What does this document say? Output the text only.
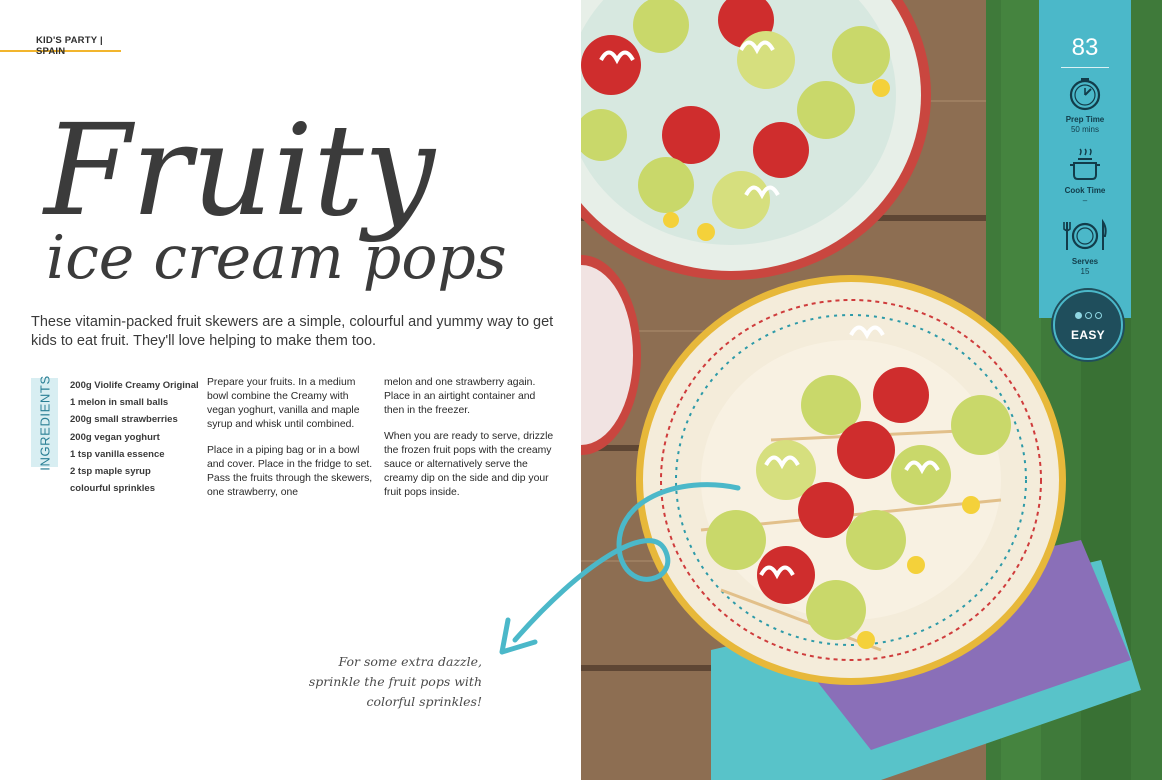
KID'S PARTY | SPAIN
Fruity
ice cream pops

These vitamin-packed fruit skewers are a simple, colourful and yummy way to get kids to eat fruit. They'll love helping to make them too.

INGREDIENTS 200g Violife Creamy Original
1 melon in small balls
200g small strawberries
200g vegan yoghurt
1 tsp vanilla essence
2 tsp maple syrup
colourful sprinkles

Prepare your fruits. In a medium bowl combine the Creamy with vegan yoghurt, vanilla and maple syrup and whisk until combined.

Place in a piping bag or in a bowl and cover. Place in the fridge to set. Pass the fruits through the skewers, one strawberry, one

melon and one strawberry again. Place in an airtight container and then in the freezer.

When you are ready to serve, drizzle the frozen fruit pops with the creamy sauce or alternatively serve the creamy dip on the side and dip your fruit pops inside.

For some extra dazzle,
sprinkle the fruit pops with
colorful sprinkles!
83
Prep Time
50 mins
Cook Time
–
Serves
15
EASY
